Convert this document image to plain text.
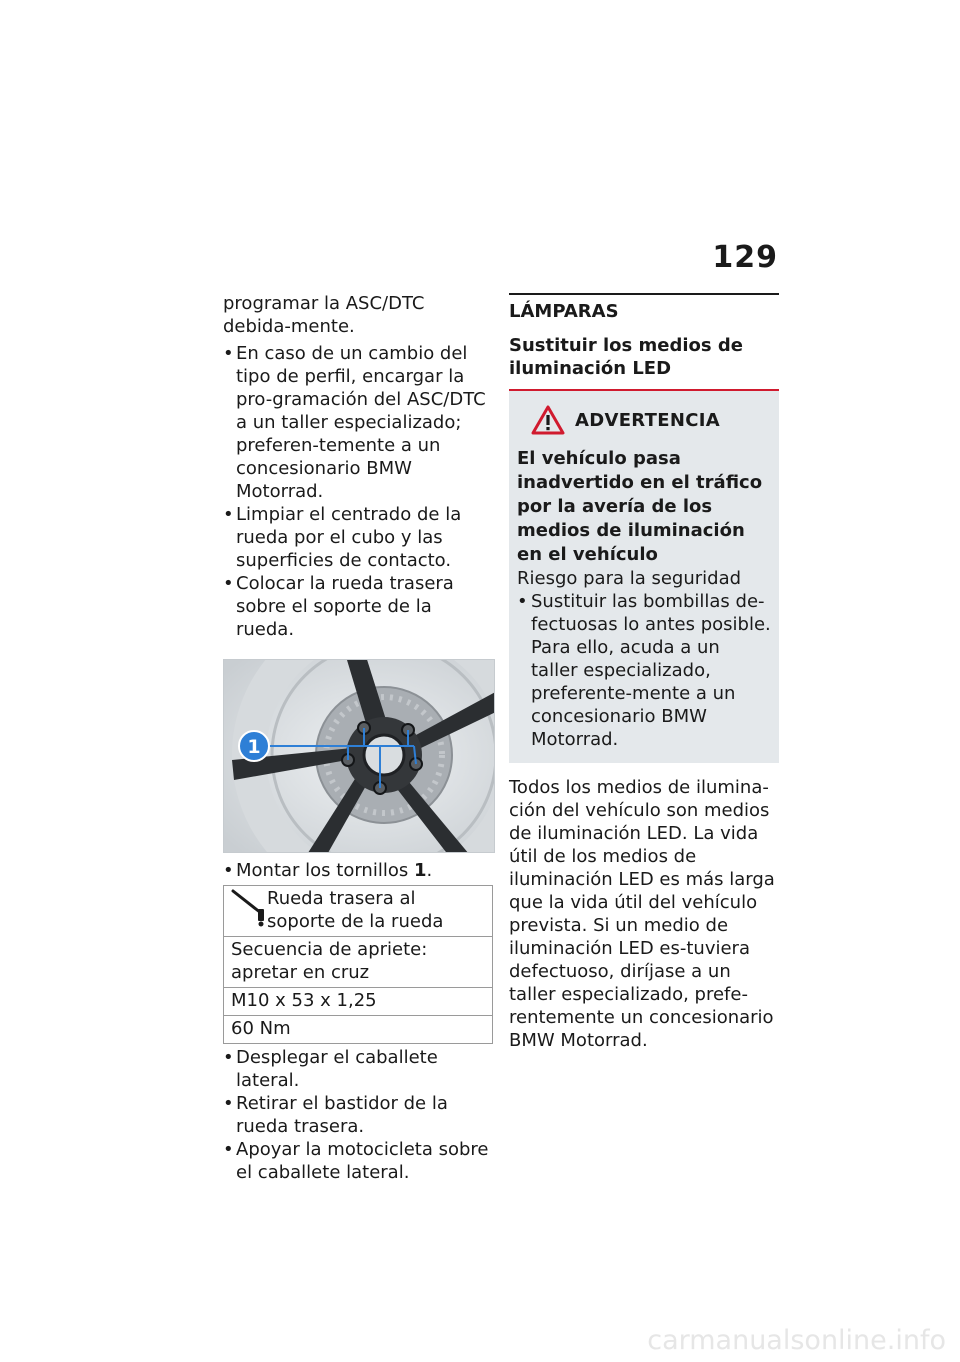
129

programar la ASC/DTC debida-mente.

• En caso de un cambio del tipo de perfil, encargar la pro-gramación del ASC/DTC a un taller especializado; preferen-temente a un concesionario BMW Motorrad.
• Limpiar el centrado de la rueda por el cubo y las superficies de contacto.
• Colocar la rueda trasera sobre el soporte de la rueda.
1
• Montar los tornillos 1.
Rueda trasera al soporte de la rueda

Secuencia de apriete: apretar en cruz
M10 x 53 x 1,25
60 Nm
• Desplegar el caballete lateral.
• Retirar el bastidor de la rueda trasera.
• Apoyar la motocicleta sobre el caballete lateral.
LÁMPARAS
Sustituir los medios de iluminación LED
ADVERTENCIA

El vehículo pasa inadvertido en el tráfico por la avería de los medios de iluminación en el vehículo

Riesgo para la seguridad

• Sustituir las bombillas de-fectuosas lo antes posible. Para ello, acuda a un taller especializado, preferente-mente a un concesionario BMW Motorrad.

Todos los medios de ilumina-ción del vehículo son medios de iluminación LED. La vida útil de los medios de iluminación LED es más larga que la vida útil del vehículo prevista. Si un medio de iluminación LED es-tuviera defectuoso, diríjase a un taller especializado, prefe-rentemente un concesionario BMW Motorrad.

carmanualsonline.info
